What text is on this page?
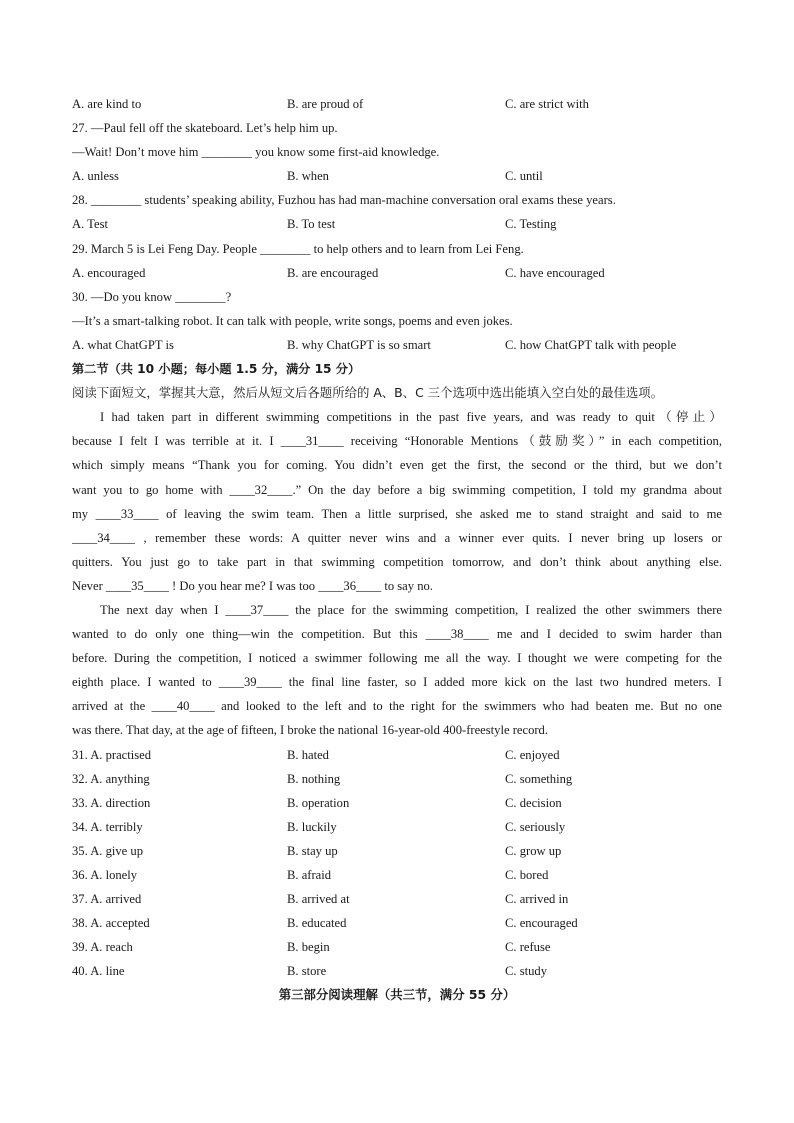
A. are kind to	B. are proud of	C. are strict with
27. —Paul fell off the skateboard. Let’s help him up.
—Wait! Don’t move him ________ you know some first-aid knowledge.
A. unless	B. when	C. until
28. ________ students’ speaking ability, Fuzhou has had man-machine conversation oral exams these years.
A. Test	B. To test	C. Testing
29. March 5 is Lei Feng Day. People ________ to help others and to learn from Lei Feng.
A. encouraged	B. are encouraged	C. have encouraged
30. —Do you know ________?
—It’s a smart-talking robot. It can talk with people, write songs, poems and even jokes.
A. what ChatGPT is	B. why ChatGPT is so smart	C. how ChatGPT talk with people
第二节（共 10 小题；每小题 1.5 分，满分 15 分）
阅读下面短文，掌握其大意，然后从短文后各题所给的 A、B、C 三个选项中选出能填入空白处的最佳选项。
I had taken part in different swimming competitions in the past five years, and was ready to quit（停止）
because I felt I was terrible at it. I ____31____ receiving “Honorable Mentions（鼓励奖）” in each competition,
which simply means “Thank you for coming. You didn’t even get the first, the second or the third, but we don’t
want you to go home with ____32____.” On the day before a big swimming competition, I told my grandma about
my ____33____ of leaving the swim team. Then a little surprised, she asked me to stand straight and said to me
____34____ , remember these words: A quitter never wins and a winner ever quits. I never bring up losers or
quitters. You just go to take part in that swimming competition tomorrow, and don’t think about anything else.
Never ____35____ ! Do you hear me? I was too ____36____ to say no.
The next day when I ____37____ the place for the swimming competition, I realized the other swimmers there
wanted to do only one thing—win the competition. But this ____38____ me and I decided to swim harder than
before. During the competition, I noticed a swimmer following me all the way. I thought we were competing for the
eighth place. I wanted to ____39____ the final line faster, so I added more kick on the last two hundred meters. I
arrived at the ____40____ and looked to the left and to the right for the swimmers who had beaten me. But no one
was there. That day, at the age of fifteen, I broke the national 16-year-old 400-freestyle record.
31. A. practised	B. hated	C. enjoyed
32. A. anything	B. nothing	C. something
33. A. direction	B. operation	C. decision
34. A. terribly	B. luckily	C. seriously
35. A. give up	B. stay up	C. grow up
36. A. lonely	B. afraid	C. bored
37. A. arrived	B. arrived at	C. arrived in
38. A. accepted	B. educated	C. encouraged
39. A. reach	B. begin	C. refuse
40. A. line	B. store	C. study
第三部分阅读理解（共三节，满分 55 分）
